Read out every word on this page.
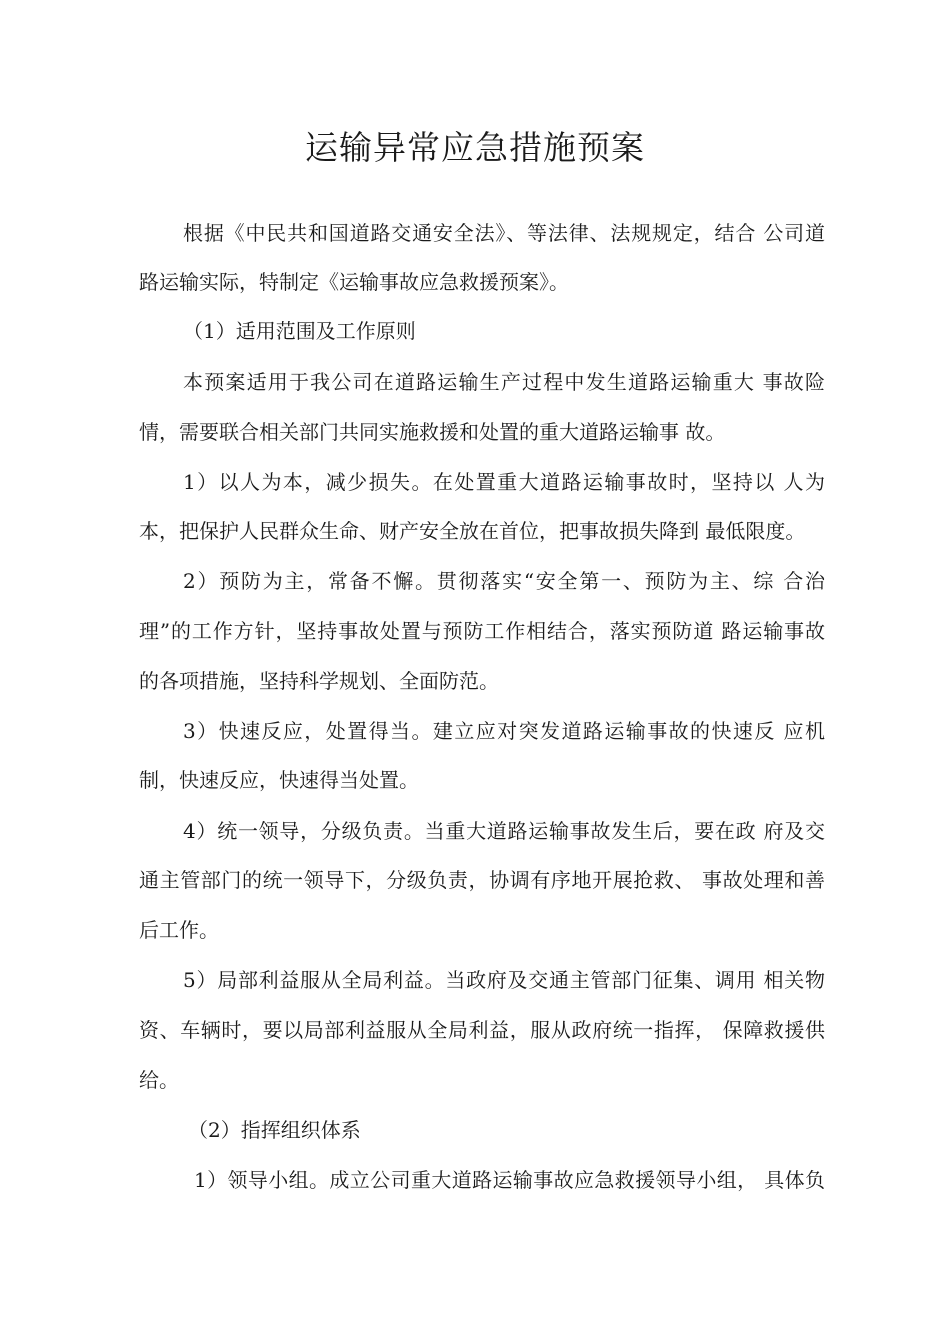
运输异常应急措施预案
根据《中民共和国道路交通安全法》、等法律、法规规定，结合 公司道
路运输实际，特制定《运输事故应急救援预案》。
（1）适用范围及工作原则
本预案适用于我公司在道路运输生产过程中发生道路运输重大 事故险
情，需要联合相关部门共同实施救援和处置的重大道路运输事 故。
1）以人为本，减少损失。在处置重大道路运输事故时，坚持以 人为
本，把保护人民群众生命、财产安全放在首位，把事故损失降到 最低限度。
2）预防为主，常备不懈。贯彻落实“安全第一、预防为主、综 合治
理”的工作方针，坚持事故处置与预防工作相结合，落实预防道 路运输事故
的各项措施，坚持科学规划、全面防范。
3）快速反应，处置得当。建立应对突发道路运输事故的快速反 应机
制，快速反应，快速得当处置。
4）统一领导，分级负责。当重大道路运输事故发生后，要在政 府及交
通主管部门的统一领导下，分级负责，协调有序地开展抢救、 事故处理和善
后工作。
5）局部利益服从全局利益。当政府及交通主管部门征集、调用 相关物
资、车辆时，要以局部利益服从全局利益，服从政府统一指挥， 保障救援供
给。
（2）指挥组织体系
1）领导小组。成立公司重大道路运输事故应急救援领导小组， 具体负
